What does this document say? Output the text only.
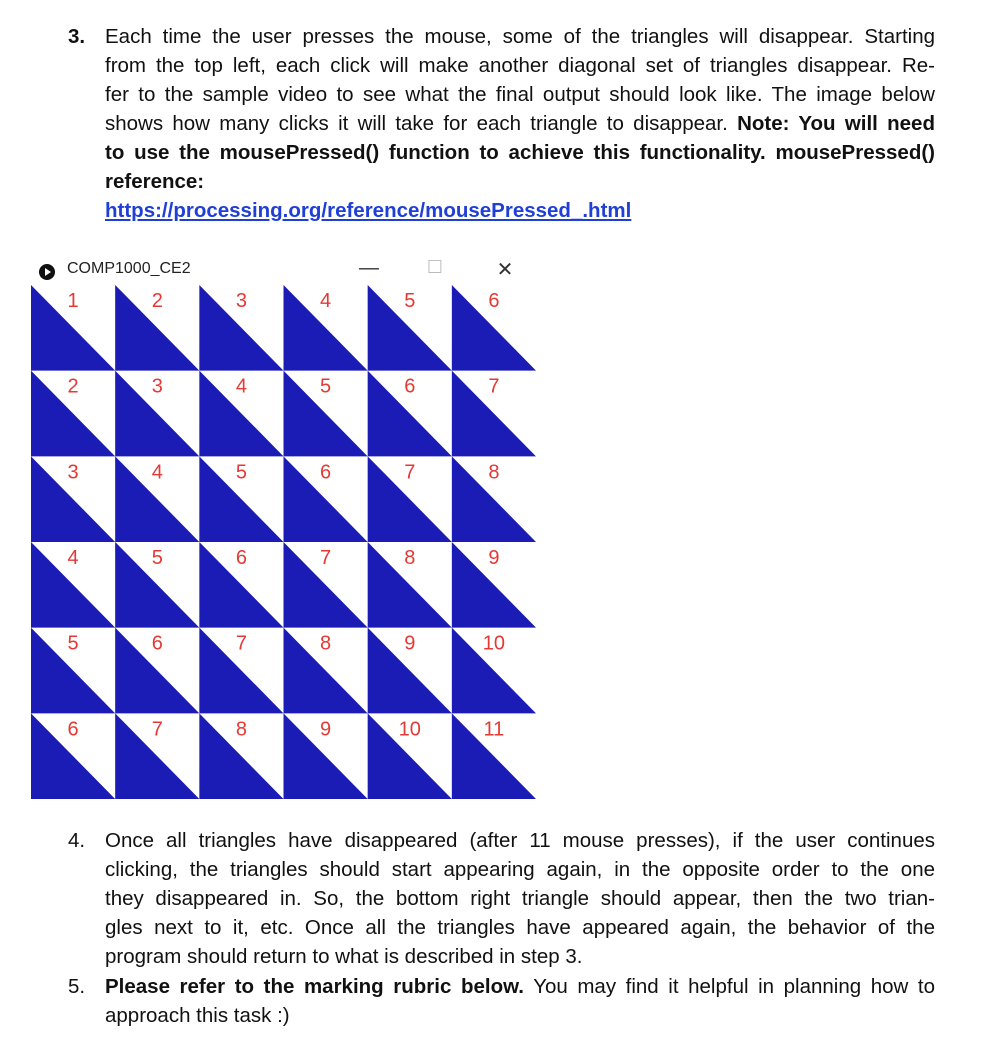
3. Each time the user presses the mouse, some of the triangles will disappear. Starting
from the top left, each click will make another diagonal set of triangles disappear. Re-
fer to the sample video to see what the final output should look like. The image below
shows how many clicks it will take for each triangle to disappear. Note: You will need
to use the mousePressed() function to achieve this functionality. mousePressed()
reference:
https://processing.org/reference/mousePressed_.html
COMP1000_CE2	—	☐	✕
1	2	3	4	5	6
2	3	4	5	6	7
3	4	5	6	7	8
4	5	6	7	8	9
5	6	7	8	9	10
6	7	8	9	10	11
4. Once all triangles have disappeared (after 11 mouse presses), if the user continues
clicking, the triangles should start appearing again, in the opposite order to the one
they disappeared in. So, the bottom right triangle should appear, then the two trian-
gles next to it, etc. Once all the triangles have appeared again, the behavior of the
program should return to what is described in step 3.
5. Please refer to the marking rubric below. You may find it helpful in planning how to
approach this task :)
